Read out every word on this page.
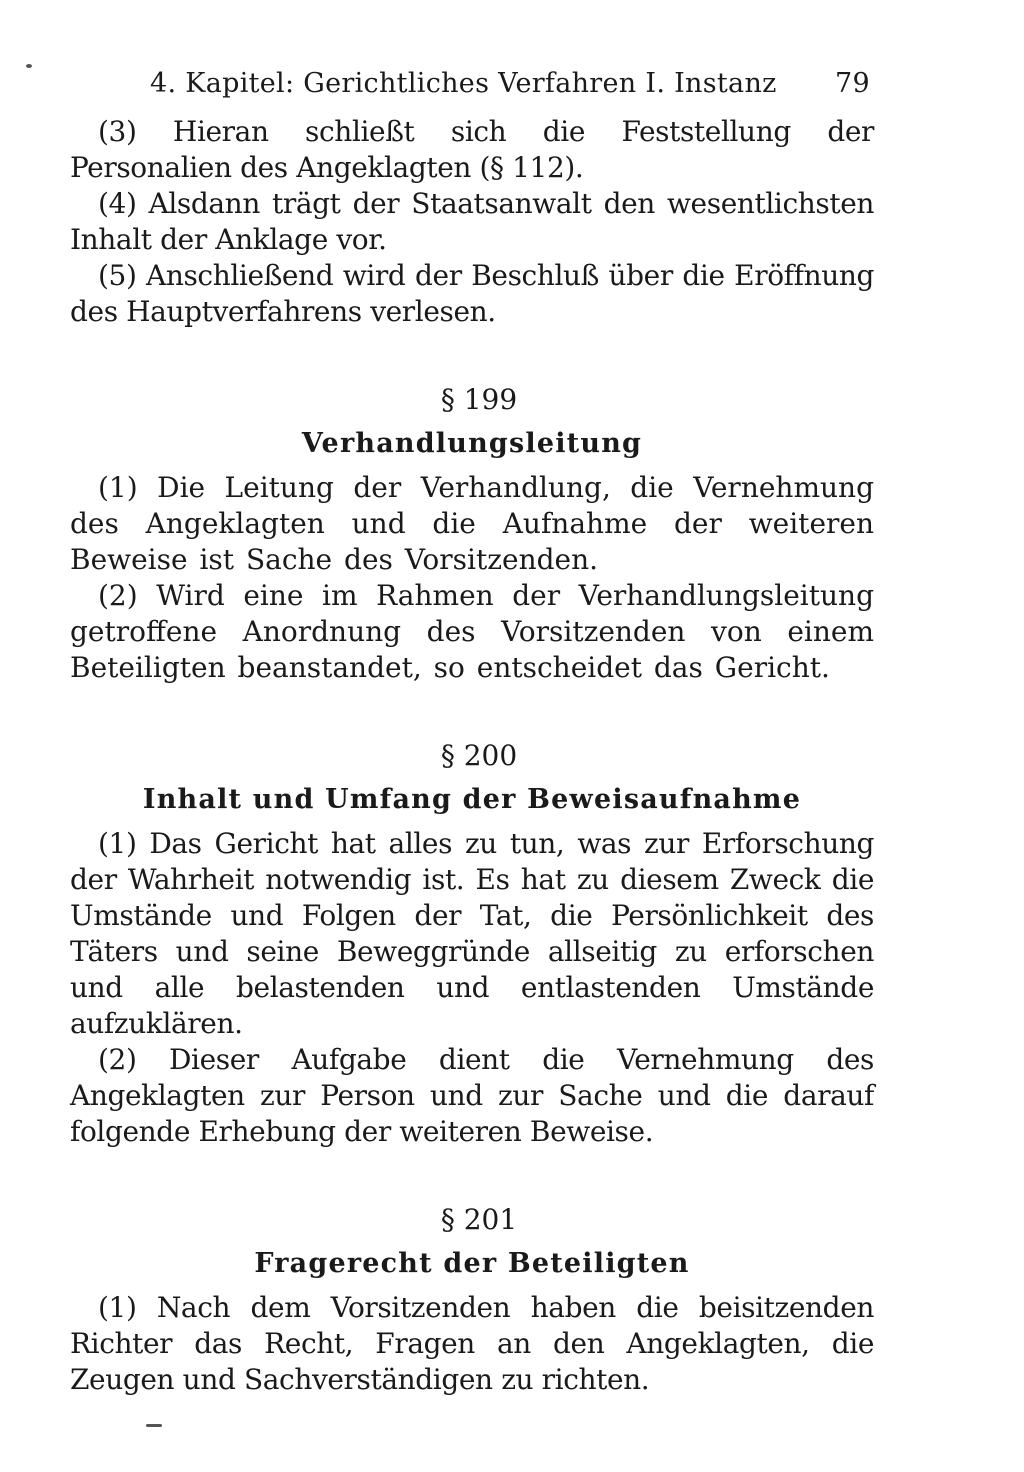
4. Kapitel: Gerichtliches Verfahren I. Instanz 79

(3) Hieran schließt sich die Feststellung der Personalien des Angeklagten (§ 112).

(4) Alsdann trägt der Staatsanwalt den wesentlichsten Inhalt der Anklage vor.

(5) Anschließend wird der Beschluß über die Eröffnung des Hauptverfahrens verlesen.

§ 199

Verhandlungsleitung

(1) Die Leitung der Verhandlung, die Vernehmung des Angeklagten und die Aufnahme der weiteren Beweise ist Sache des Vorsitzenden.

(2) Wird eine im Rahmen der Verhandlungsleitung getroffene Anordnung des Vorsitzenden von einem Beteiligten beanstandet, so entscheidet das Gericht.

§ 200

Inhalt und Umfang der Beweisaufnahme

(1) Das Gericht hat alles zu tun, was zur Erforschung der Wahrheit notwendig ist. Es hat zu diesem Zweck die Umstände und Folgen der Tat, die Persönlichkeit des Täters und seine Beweggründe allseitig zu erforschen und alle belastenden und entlastenden Umstände aufzuklären.

(2) Dieser Aufgabe dient die Vernehmung des Angeklagten zur Person und zur Sache und die darauf folgende Erhebung der weiteren Beweise.

§ 201

Fragerecht der Beteiligten

(1) Nach dem Vorsitzenden haben die beisitzenden Richter das Recht, Fragen an den Angeklagten, die Zeugen und Sachverständigen zu richten.
